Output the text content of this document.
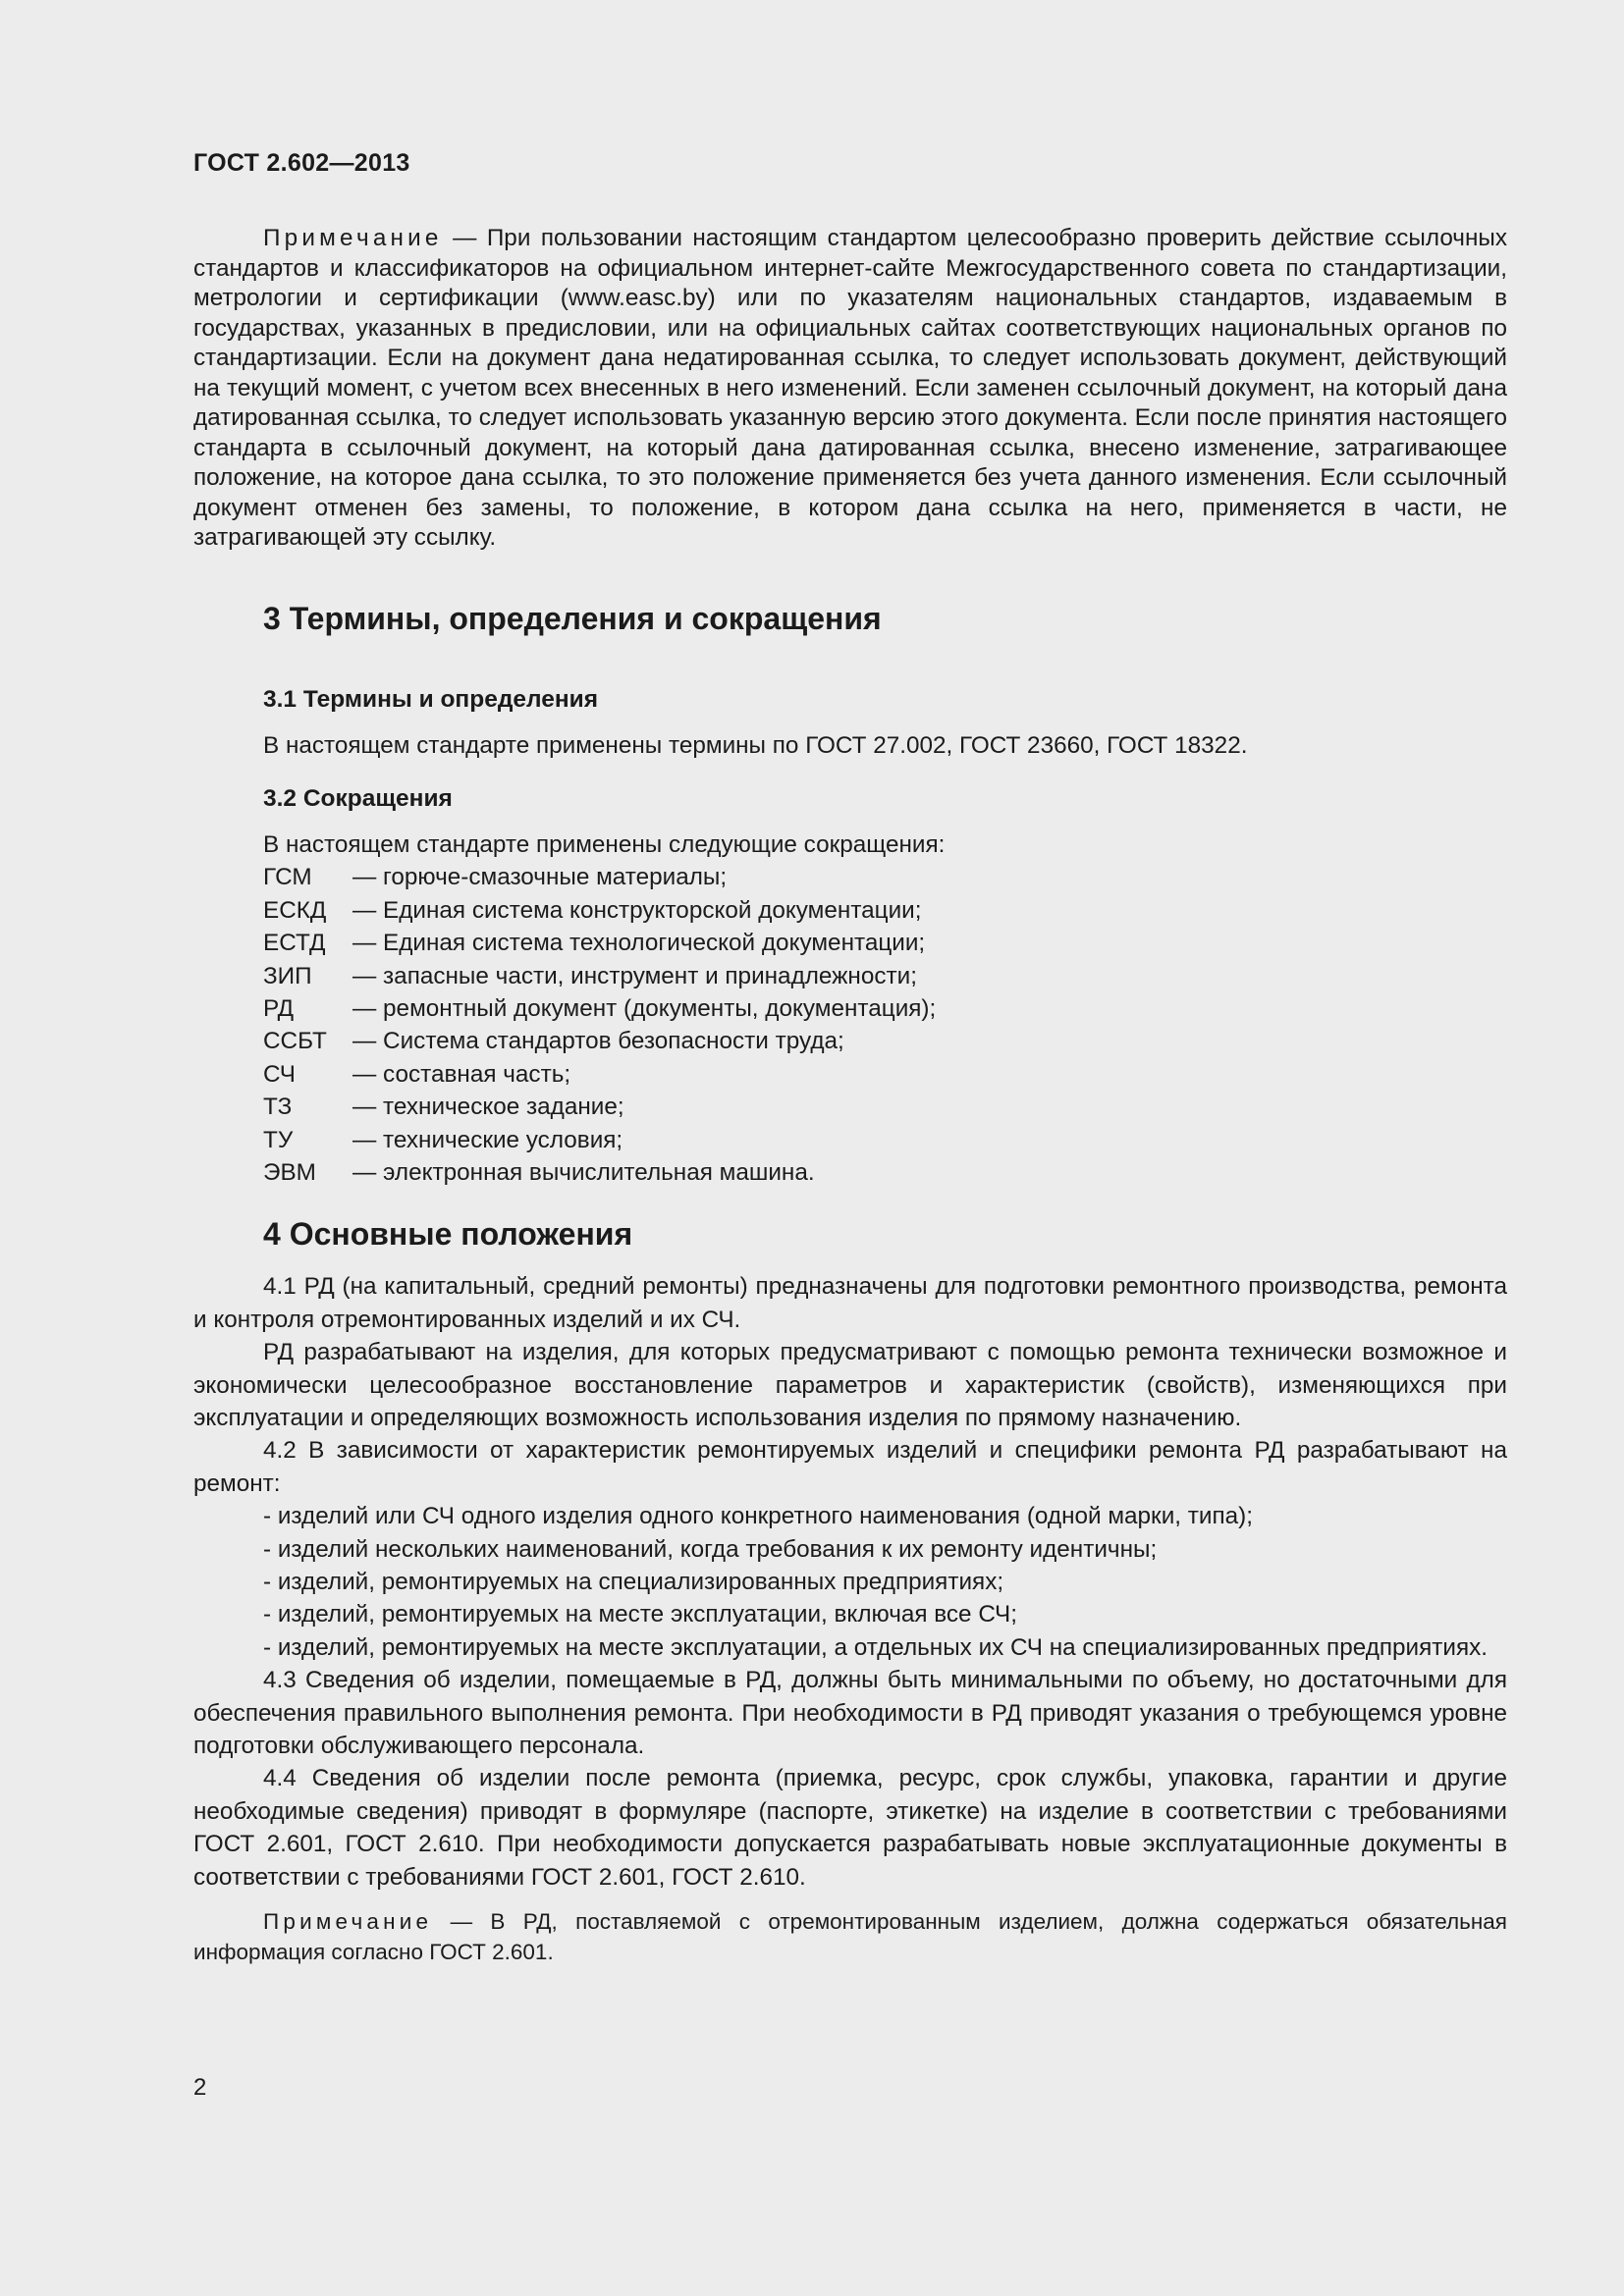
ГОСТ 2.602—2013

Примечание — При пользовании настоящим стандартом целесообразно проверить действие ссылочных стандартов и классификаторов на официальном интернет-сайте Межгосударственного совета по стандартизации, метрологии и сертификации (www.easc.by) или по указателям национальных стандартов, издаваемым в государствах, указанных в предисловии, или на официальных сайтах соответствующих национальных органов по стандартизации. Если на документ дана недатированная ссылка, то следует использовать документ, действующий на текущий момент, с учетом всех внесенных в него изменений. Если заменен ссылочный документ, на который дана датированная ссылка, то следует использовать указанную версию этого документа. Если после принятия настоящего стандарта в ссылочный документ, на который дана датированная ссылка, внесено изменение, затрагивающее положение, на которое дана ссылка, то это положение применяется без учета данного изменения. Если ссылочный документ отменен без замены, то положение, в котором дана ссылка на него, применяется в части, не затрагивающей эту ссылку.

3 Термины, определения и сокращения
3.1 Термины и определения

В настоящем стандарте применены термины по ГОСТ 27.002, ГОСТ 23660, ГОСТ 18322.

3.2 Сокращения

В настоящем стандарте применены следующие сокращения:

ГСМ	— горюче-смазочные материалы;
ЕСКД	— Единая система конструкторской документации;
ЕСТД	— Единая система технологической документации;
ЗИП	— запасные части, инструмент и принадлежности;
РД	— ремонтный документ (документы, документация);
ССБТ	— Система стандартов безопасности труда;
СЧ	— составная часть;
ТЗ	— техническое задание;
ТУ	— технические условия;
ЭВМ	— электронная вычислительная машина.
4 Основные положения

4.1 РД (на капитальный, средний ремонты) предназначены для подготовки ремонтного производства, ремонта и контроля отремонтированных изделий и их СЧ.

РД разрабатывают на изделия, для которых предусматривают с помощью ремонта технически возможное и экономически целесообразное восстановление параметров и характеристик (свойств), изменяющихся при эксплуатации и определяющих возможность использования изделия по прямому назначению.

4.2 В зависимости от характеристик ремонтируемых изделий и специфики ремонта РД разрабатывают на ремонт:

- изделий или СЧ одного изделия одного конкретного наименования (одной марки, типа);

- изделий нескольких наименований, когда требования к их ремонту идентичны;

- изделий, ремонтируемых на специализированных предприятиях;

- изделий, ремонтируемых на месте эксплуатации, включая все СЧ;

- изделий, ремонтируемых на месте эксплуатации, а отдельных их СЧ на специализированных предприятиях.

4.3 Сведения об изделии, помещаемые в РД, должны быть минимальными по объему, но достаточными для обеспечения правильного выполнения ремонта. При необходимости в РД приводят указания о требующемся уровне подготовки обслуживающего персонала.

4.4 Сведения об изделии после ремонта (приемка, ресурс, срок службы, упаковка, гарантии и другие необходимые сведения) приводят в формуляре (паспорте, этикетке) на изделие в соответствии с требованиями ГОСТ 2.601, ГОСТ 2.610. При необходимости допускается разрабатывать новые эксплуатационные документы в соответствии с требованиями ГОСТ 2.601, ГОСТ 2.610.

Примечание — В РД, поставляемой с отремонтированным изделием, должна содержаться обязательная информация согласно ГОСТ 2.601.

2
